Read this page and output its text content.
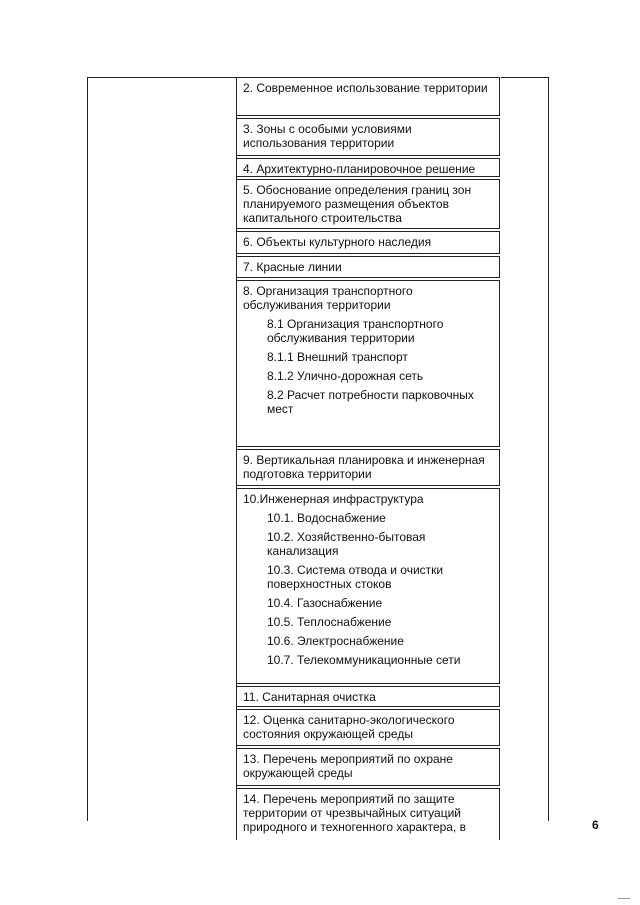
2. Современное использование территории
3. Зоны с особыми условиями использования территории
4. Архитектурно-планировочное решение
5. Обоснование определения границ зон планируемого размещения объектов капитального строительства
6. Объекты культурного наследия
7. Красные линии
8. Организация транспортного обслуживания территории
8.1 Организация транспортного обслуживания территории
8.1.1 Внешний транспорт
8.1.2 Улично-дорожная сеть
8.2 Расчет потребности парковочных мест
9. Вертикальная планировка и инженерная подготовка территории
10.Инженерная инфраструктура
10.1. Водоснабжение
10.2. Хозяйственно-бытовая канализация
10.3. Система отвода и очистки поверхностных стоков
10.4. Газоснабжение
10.5. Теплоснабжение
10.6. Электроснабжение
10.7. Телекоммуникационные сети
11. Санитарная очистка
12. Оценка санитарно-экологического состояния окружающей среды
13. Перечень мероприятий по охране окружающей среды
14. Перечень мероприятий по защите территории от чрезвычайных ситуаций природного и техногенного характера, в	6
